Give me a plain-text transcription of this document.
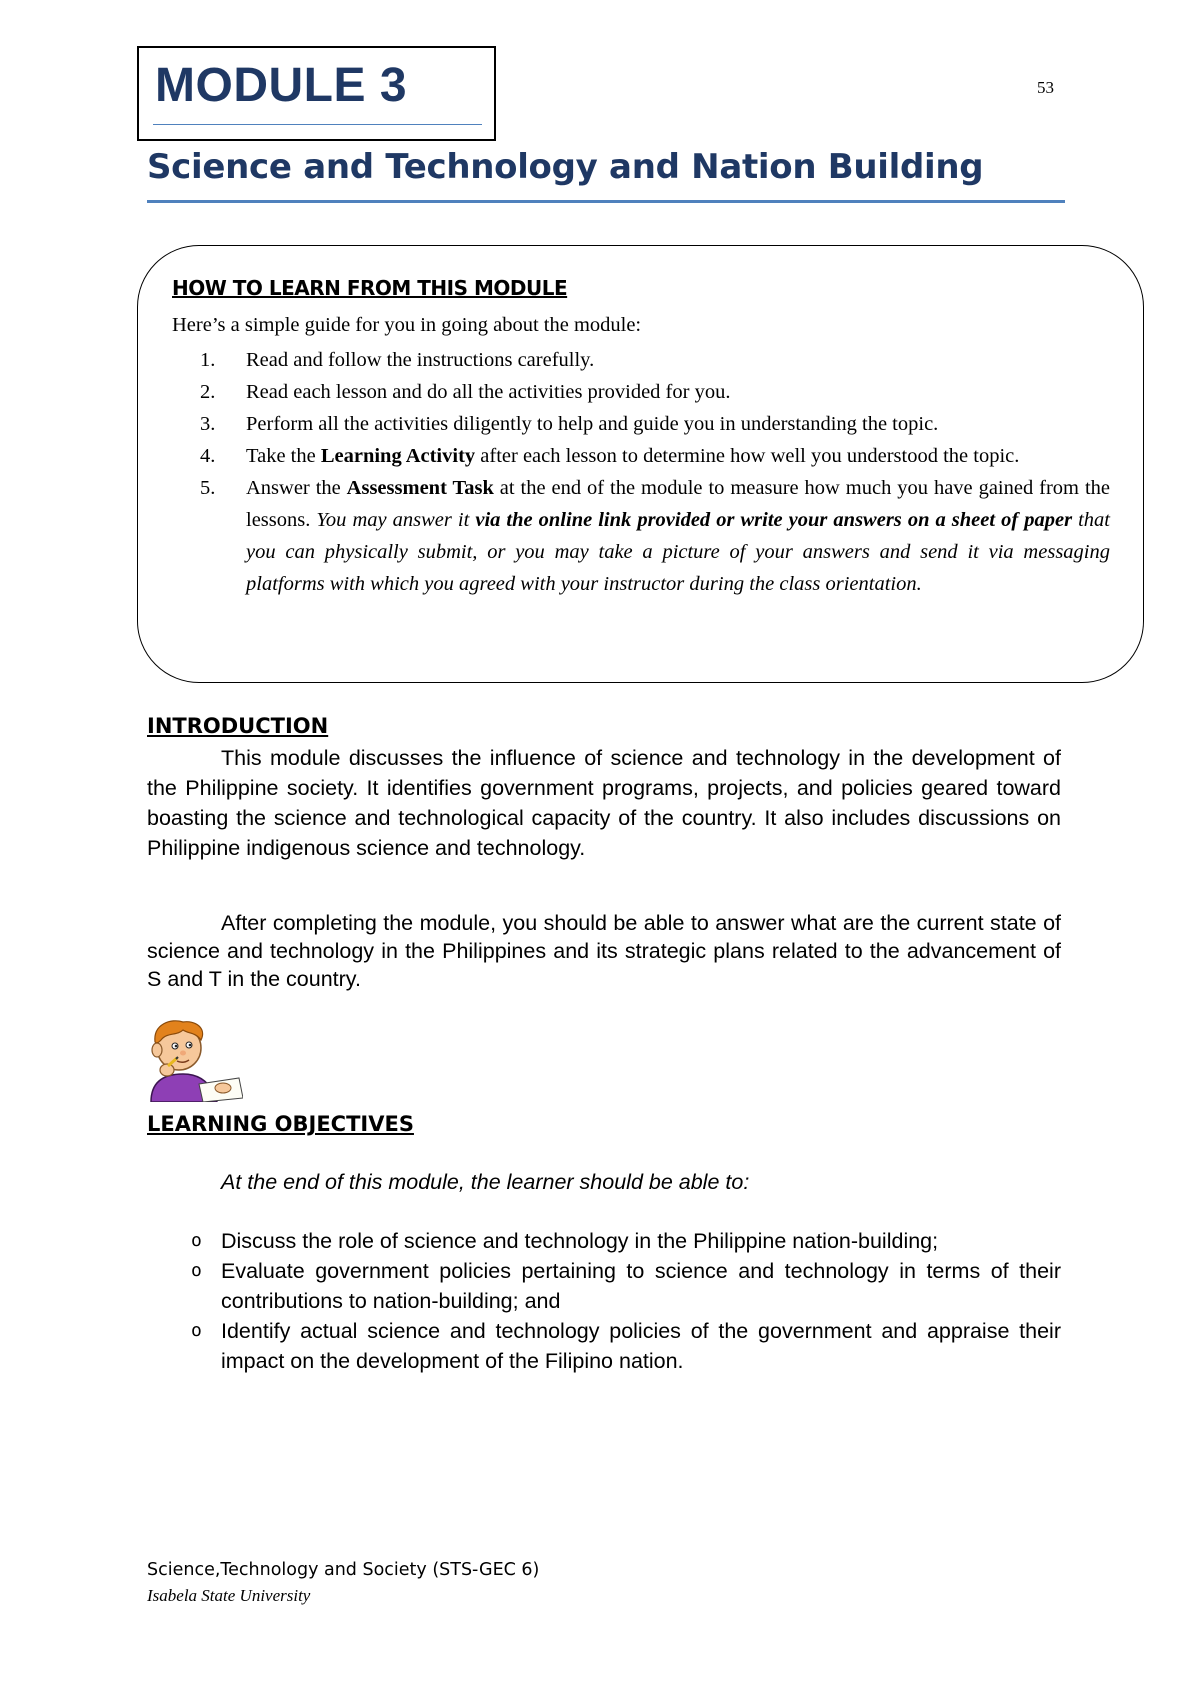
MODULE 3	53
Science and Technology and Nation Building
HOW TO LEARN FROM THIS MODULE
Here’s a simple guide for you in going about the module:
1. Read and follow the instructions carefully.
2. Read each lesson and do all the activities provided for you.
3. Perform all the activities diligently to help and guide you in understanding the topic.
4. Take the Learning Activity after each lesson to determine how well you understood the topic.
5. Answer the Assessment Task at the end of the module to measure how much you have gained from the lessons. You may answer it via the online link provided or write your answers on a sheet of paper that you can physically submit, or you may take a picture of your answers and send it via messaging platforms with which you agreed with your instructor during the class orientation.
INTRODUCTION

This module discusses the influence of science and technology in the development of the Philippine society. It identifies government programs, projects, and policies geared toward boasting the science and technological capacity of the country. It also includes discussions on Philippine indigenous science and technology.

After completing the module, you should be able to answer what are the current state of science and technology in the Philippines and its strategic plans related to the advancement of S and T in the country.

LEARNING OBJECTIVES
At the end of this module, the learner should be able to:
o Discuss the role of science and technology in the Philippine nation-building;
o Evaluate government policies pertaining to science and technology in terms of their contributions to nation-building; and
o Identify actual science and technology policies of the government and appraise their impact on the development of the Filipino nation.
Science,Technology and Society (STS-GEC 6)
Isabela State University
